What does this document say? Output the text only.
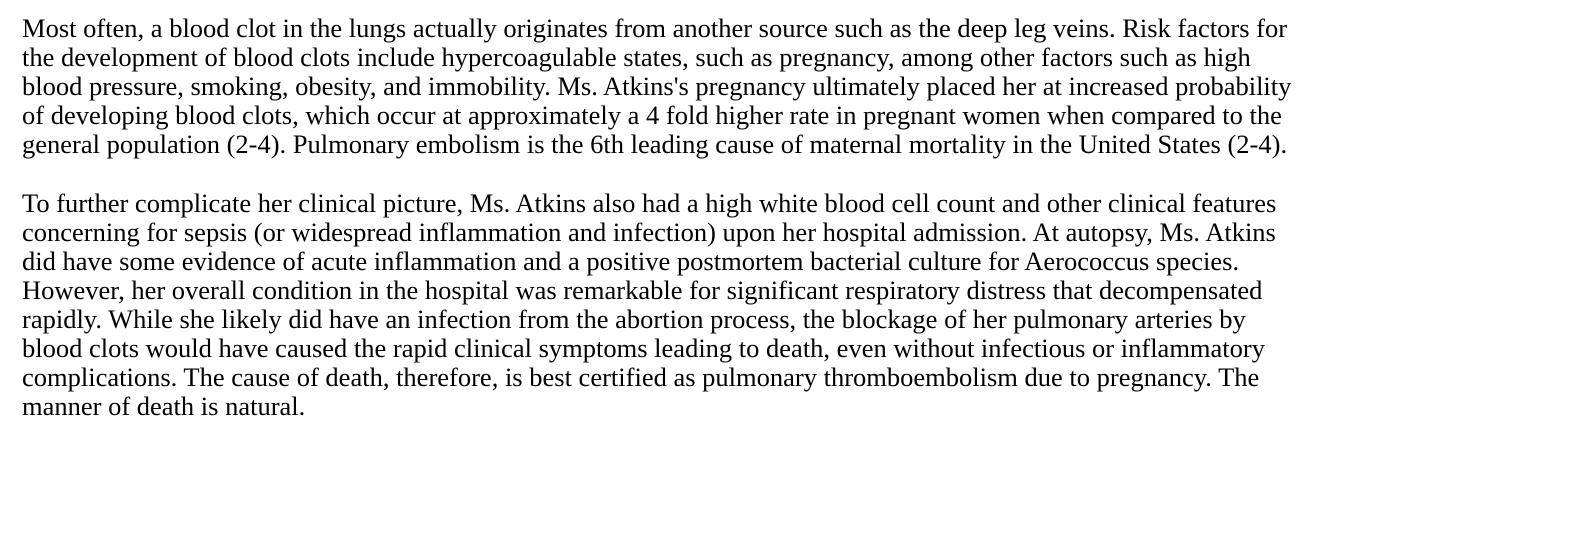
Most often, a blood clot in the lungs actually originates from another source such as the deep leg veins. Risk factors for
the development of blood clots include hypercoagulable states, such as pregnancy, among other factors such as high
blood pressure, smoking, obesity, and immobility. Ms. Atkins's pregnancy ultimately placed her at increased probability
of developing blood clots, which occur at approximately a 4 fold higher rate in pregnant women when compared to the
general population (2-4). Pulmonary embolism is the 6th leading cause of maternal mortality in the United States (2-4).

To further complicate her clinical picture, Ms. Atkins also had a high white blood cell count and other clinical features
concerning for sepsis (or widespread inflammation and infection) upon her hospital admission. At autopsy, Ms. Atkins
did have some evidence of acute inflammation and a positive postmortem bacterial culture for Aerococcus species.
However, her overall condition in the hospital was remarkable for significant respiratory distress that decompensated
rapidly. While she likely did have an infection from the abortion process, the blockage of her pulmonary arteries by
blood clots would have caused the rapid clinical symptoms leading to death, even without infectious or inflammatory
complications. The cause of death, therefore, is best certified as pulmonary thromboembolism due to pregnancy. The
manner of death is natural.
